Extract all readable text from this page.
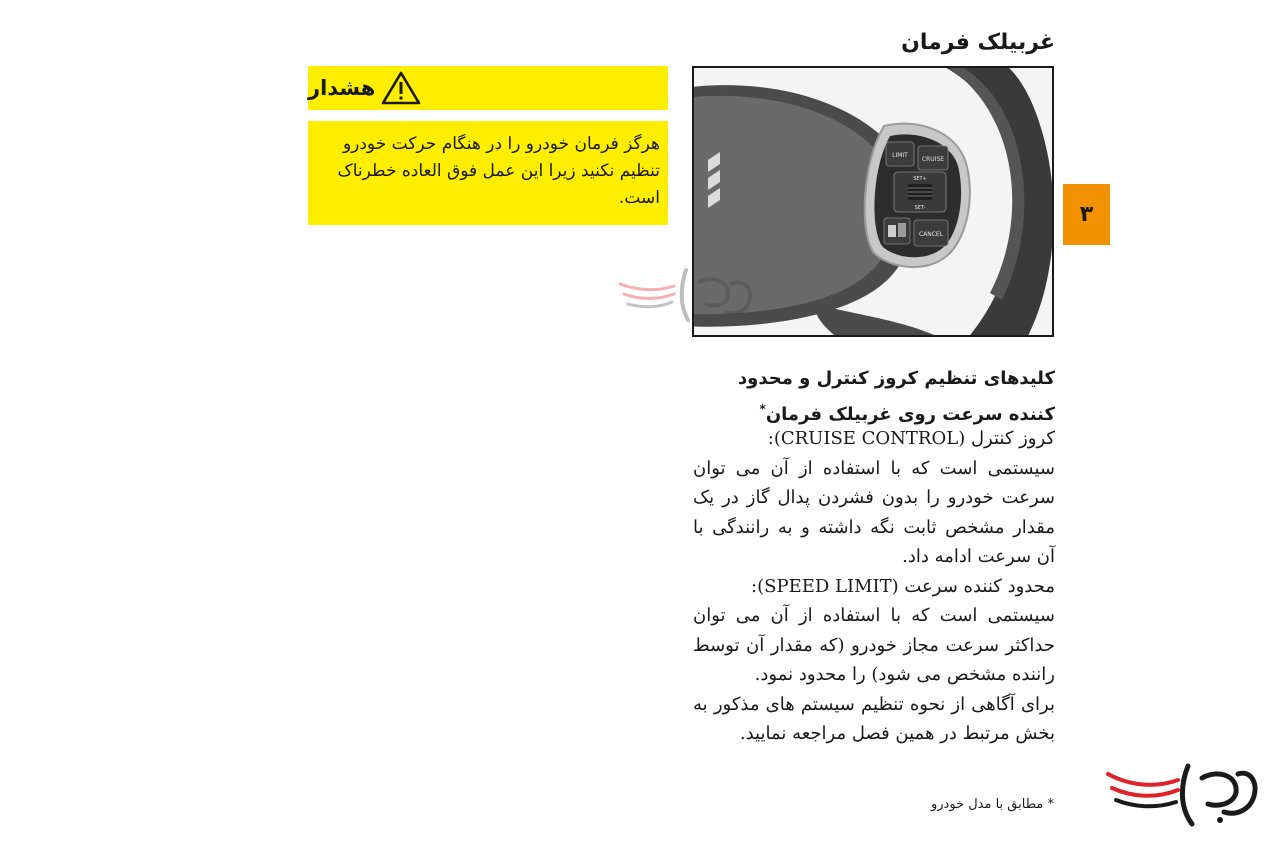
غربیلک فرمان
هشدار
هرگز فرمان خودرو را در هنگام حرکت خودرو تنظیم نکنید زیرا این عمل فوق العاده خطرناک است.
LIMIT
CRUISE
SET+
SET-
CANCEL
۳
کلیدهای تنظیم کروز کنترل و محدود کننده سرعت روی غربیلک فرمان*

کروز کنترل (CRUISE CONTROL):

سیستمی است که با استفاده از آن می توان سرعت خودرو را بدون فشردن پدال گاز در یک مقدار مشخص ثابت نگه داشته و به رانندگی با آن سرعت ادامه داد.

محدود کننده سرعت (SPEED LIMIT):

سیستمی است که با استفاده از آن می توان حداکثر سرعت مجاز خودرو (که مقدار آن توسط راننده مشخص می شود) را محدود نمود.

برای آگاهی از نحوه تنظیم سیستم های مذکور به بخش مرتبط در همین فصل مراجعه نمایید.

* مطابق با مدل خودرو
